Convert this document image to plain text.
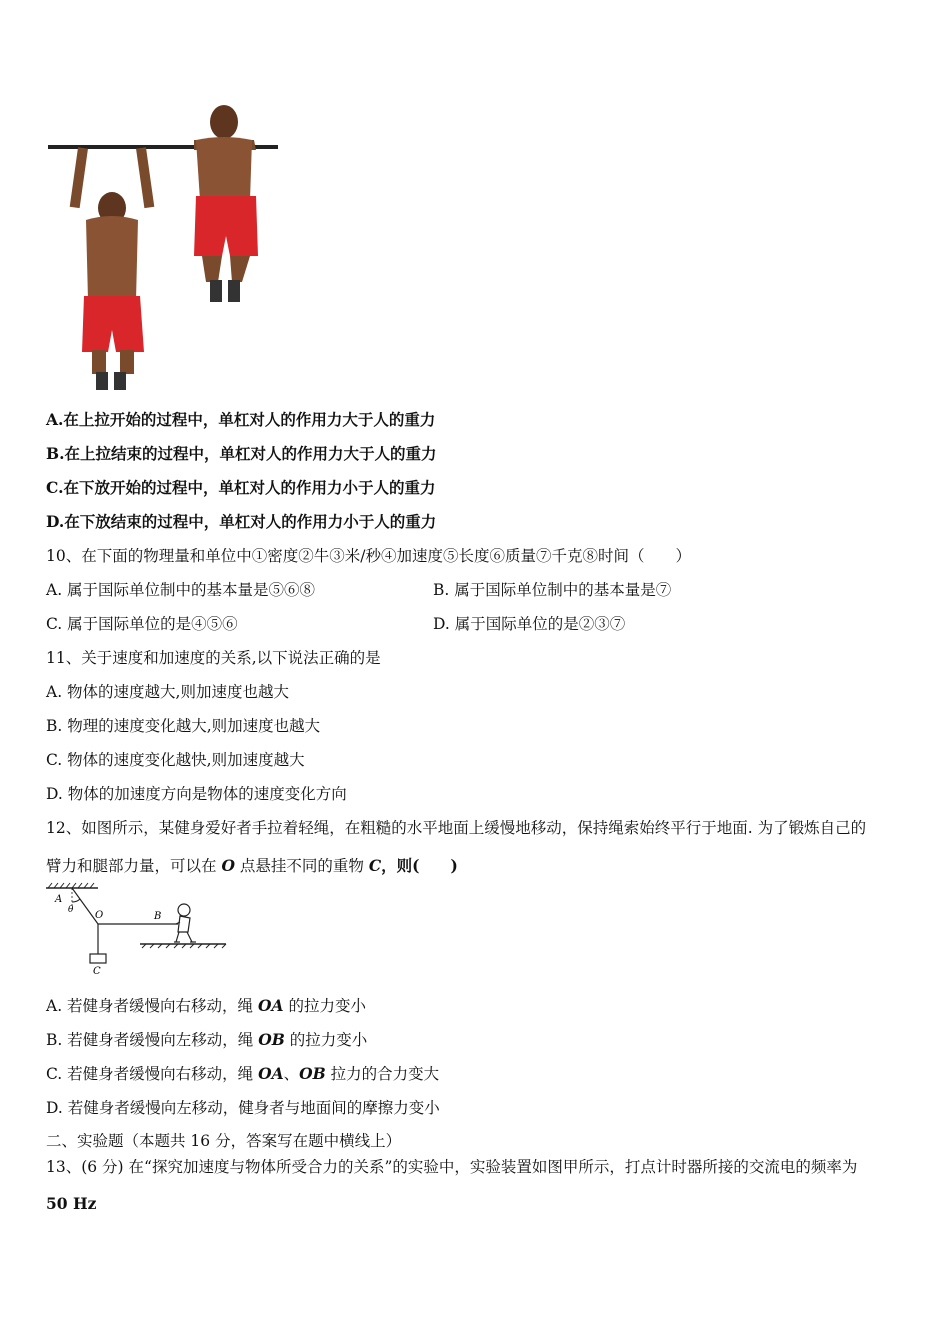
A.在上拉开始的过程中，单杠对人的作用力大于人的重力
B.在上拉结束的过程中，单杠对人的作用力大于人的重力
C.在下放开始的过程中，单杠对人的作用力小于人的重力
D.在下放结束的过程中，单杠对人的作用力小于人的重力
10、在下面的物理量和单位中①密度②牛③米/秒④加速度⑤长度⑥质量⑦千克⑧时间（　　）
A. 属于国际单位制中的基本量是⑤⑥⑧	B. 属于国际单位制中的基本量是⑦
C. 属于国际单位的是④⑤⑥	D. 属于国际单位的是②③⑦
11、关于速度和加速度的关系,以下说法正确的是
A. 物体的速度越大,则加速度也越大
B. 物理的速度变化越大,则加速度也越大
C. 物体的速度变化越快,则加速度越大
D. 物体的加速度方向是物体的速度变化方向
12、如图所示，某健身爱好者手拉着轻绳，在粗糙的水平地面上缓慢地移动，保持绳索始终平行于地面. 为了锻炼自己的
臂力和腿部力量，可以在 O 点悬挂不同的重物 C，则(　　)
A
θ O	B
C
A. 若健身者缓慢向右移动，绳 OA 的拉力变小
B. 若健身者缓慢向左移动，绳 OB 的拉力变小
C. 若健身者缓慢向右移动，绳 OA、OB 拉力的合力变大
D. 若健身者缓慢向左移动，健身者与地面间的摩擦力变小
二、实验题（本题共 16 分，答案写在题中横线上）
13、(6 分) 在“探究加速度与物体所受合力的关系”的实验中，实验装置如图甲所示，打点计时器所接的交流电的频率为
50 Hz
